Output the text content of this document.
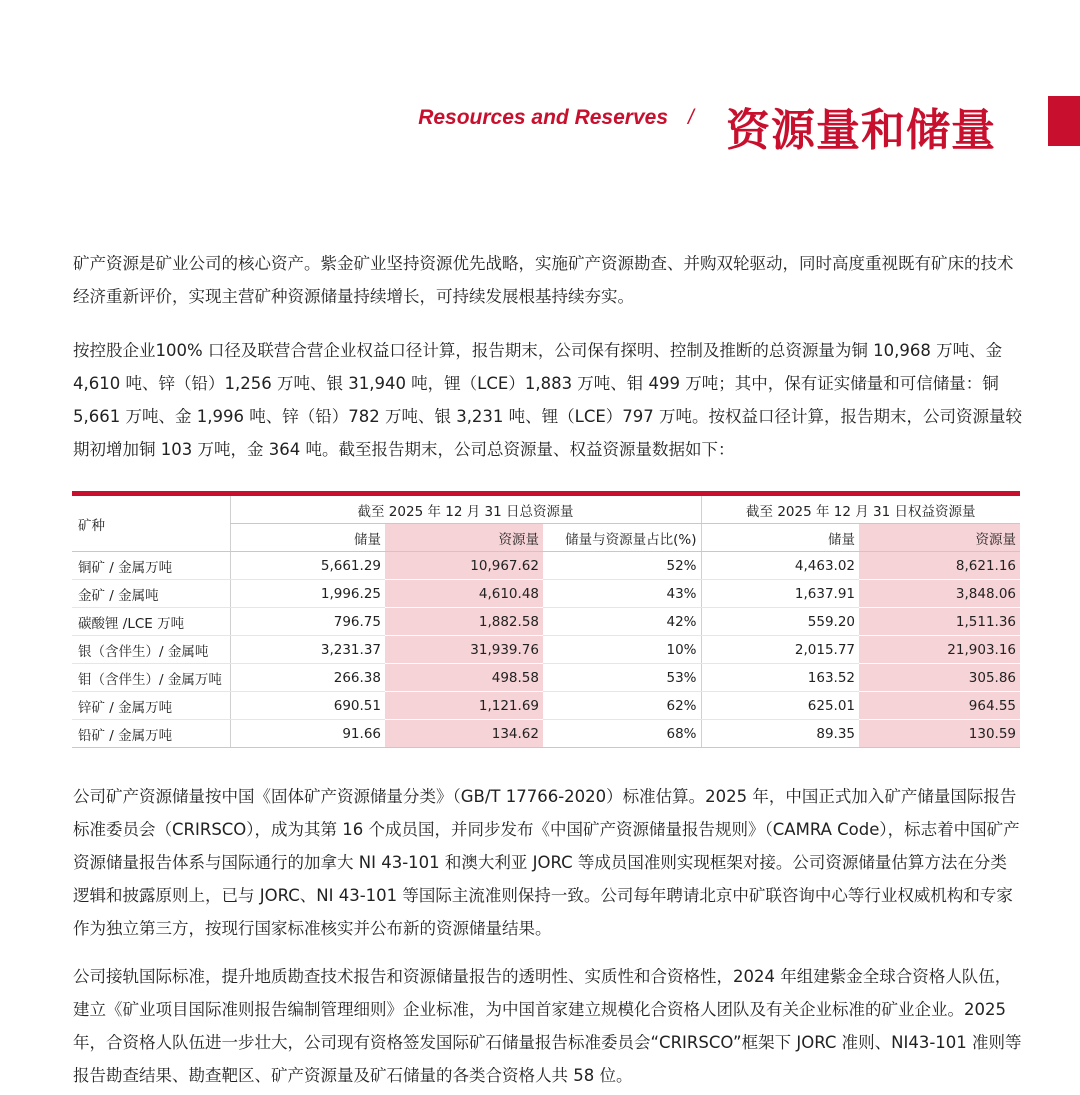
Resources and Reserves / 资源量和储量
矿产资源是矿业公司的核心资产。紫金矿业坚持资源优先战略，实施矿产资源勘查、并购双轮驱动，同时高度重视既有矿床的技术经济重新评价，实现主营矿种资源储量持续增长，可持续发展根基持续夯实。
按控股企业100% 口径及联营合营企业权益口径计算，报告期末，公司保有探明、控制及推断的总资源量为铜 10,968 万吨、金 4,610 吨、锌（铅）1,256 万吨、银 31,940 吨，锂（LCE）1,883 万吨、钼 499 万吨；其中，保有证实储量和可信储量：铜 5,661 万吨、金 1,996 吨、锌（铅）782 万吨、银 3,231 吨、锂（LCE）797 万吨。按权益口径计算，报告期末，公司资源量较期初增加铜 103 万吨，金 364 吨。截至报告期末，公司总资源量、权益资源量数据如下：
矿种	截至 2025 年 12 月 31 日总资源量			截至 2025 年 12 月 31 日权益资源量	
	储量	资源量	储量与资源量占比(%)	储量	资源量
铜矿 / 金属万吨	5,661.29	10,967.62	52%	4,463.02	8,621.16
金矿 / 金属吨	1,996.25	4,610.48	43%	1,637.91	3,848.06
碳酸锂 /LCE 万吨	796.75	1,882.58	42%	559.20	1,511.36
银（含伴生）/ 金属吨	3,231.37	31,939.76	10%	2,015.77	21,903.16
钼（含伴生）/ 金属万吨	266.38	498.58	53%	163.52	305.86
锌矿 / 金属万吨	690.51	1,121.69	62%	625.01	964.55
铅矿 / 金属万吨	91.66	134.62	68%	89.35	130.59
公司矿产资源储量按中国《固体矿产资源储量分类》（GB/T 17766-2020）标准估算。2025 年，中国正式加入矿产储量国际报告标准委员会（CRIRSCO），成为其第 16 个成员国，并同步发布《中国矿产资源储量报告规则》（CAMRA Code），标志着中国矿产资源储量报告体系与国际通行的加拿大 NI 43-101 和澳大利亚 JORC 等成员国准则实现框架对接。公司资源储量估算方法在分类逻辑和披露原则上，已与 JORC、NI 43-101 等国际主流准则保持一致。公司每年聘请北京中矿联咨询中心等行业权威机构和专家作为独立第三方，按现行国家标准核实并公布新的资源储量结果。
公司接轨国际标准，提升地质勘查技术报告和资源储量报告的透明性、实质性和合资格性，2024 年组建紫金全球合资格人队伍，建立《矿业项目国际准则报告编制管理细则》企业标准，为中国首家建立规模化合资格人团队及有关企业标准的矿业企业。2025 年，合资格人队伍进一步壮大，公司现有资格签发国际矿石储量报告标准委员会“CRIRSCO”框架下 JORC 准则、NI43-101 准则等报告勘查结果、勘查靶区、矿产资源量及矿石储量的各类合资格人共 58 位。
